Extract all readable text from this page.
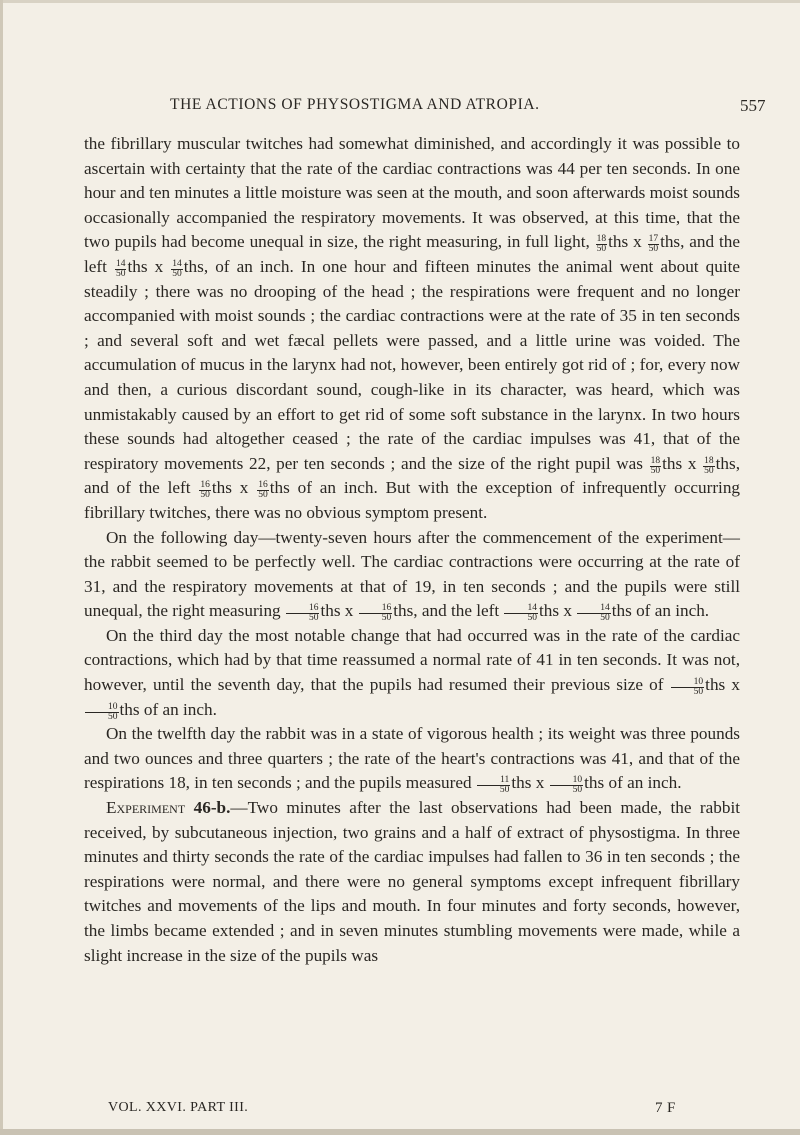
THE ACTIONS OF PHYSOSTIGMA AND ATROPIA.	557

the fibrillary muscular twitches had somewhat diminished, and accordingly it was possible to ascertain with certainty that the rate of the cardiac contractions was 44 per ten seconds. In one hour and ten minutes a little moisture was seen at the mouth, and soon afterwards moist sounds occasionally accompanied the respiratory movements. It was observed, at this time, that the two pupils had become unequal in size, the right measuring, in full light, $\frac{18}{50}$ ths x $\frac{17}{50}$ ths, and the left $\frac{14}{50}$ ths x $\frac{14}{50}$ ths, of an inch. In one hour and fifteen minutes the animal went about quite steadily ; there was no drooping of the head ; the respirations were frequent and no longer accompanied with moist sounds ; the cardiac contractions were at the rate of 35 in ten seconds ; and several soft and wet fæcal pellets were passed, and a little urine was voided. The accumulation of mucus in the larynx had not, however, been entirely got rid of ; for, every now and then, a curious discordant sound, cough-like in its character, was heard, which was unmistakably caused by an effort to get rid of some soft substance in the larynx. In two hours these sounds had altogether ceased ; the rate of the cardiac impulses was 41, that of the respiratory movements 22, per ten seconds ; and the size of the right pupil was $\frac{18}{50}$ ths x $\frac{18}{50}$ ths, and of the left $\frac{16}{50}$ ths x $\frac{16}{50}$ ths of an inch. But with the exception of infrequently occurring fibrillary twitches, there was no obvious symptom present.

On the following day—twenty-seven hours after the commencement of the experiment—the rabbit seemed to be perfectly well. The cardiac contractions were occurring at the rate of 31, and the respiratory movements at that of 19, in ten seconds ; and the pupils were still unequal, the right measuring $\frac{16}{50}$ ths x $\frac{16}{50}$ ths, and the left $\frac{14}{50}$ ths x $\frac{14}{50}$ ths of an inch.

On the third day the most notable change that had occurred was in the rate of the cardiac contractions, which had by that time reassumed a normal rate of 41 in ten seconds. It was not, however, until the seventh day, that the pupils had resumed their previous size of $\frac{10}{50}$ ths x
$\frac{10}{50}$ ths of an inch.

On the twelfth day the rabbit was in a state of vigorous health ; its weight was three pounds and two ounces and three quarters ; the rate of the heart's contractions was 41, and that of the respirations 18, in ten seconds ; and the pupils measured $\frac{11}{50}$ ths x $\frac{10}{50}$ ths of an inch.

Experiment 46-b.—Two minutes after the last observations had been made, the rabbit received, by subcutaneous injection, two grains and a half of extract of physostigma. In three minutes and thirty seconds the rate of the cardiac impulses had fallen to 36 in ten seconds ; the respirations were normal, and there were no general symptoms except infrequent fibrillary twitches and movements of the lips and mouth. In four minutes and forty seconds, however, the limbs became extended ; and in seven minutes stumbling movements were made, while a slight increase in the size of the pupils was

VOL. XXVI. PART III.	7 F
